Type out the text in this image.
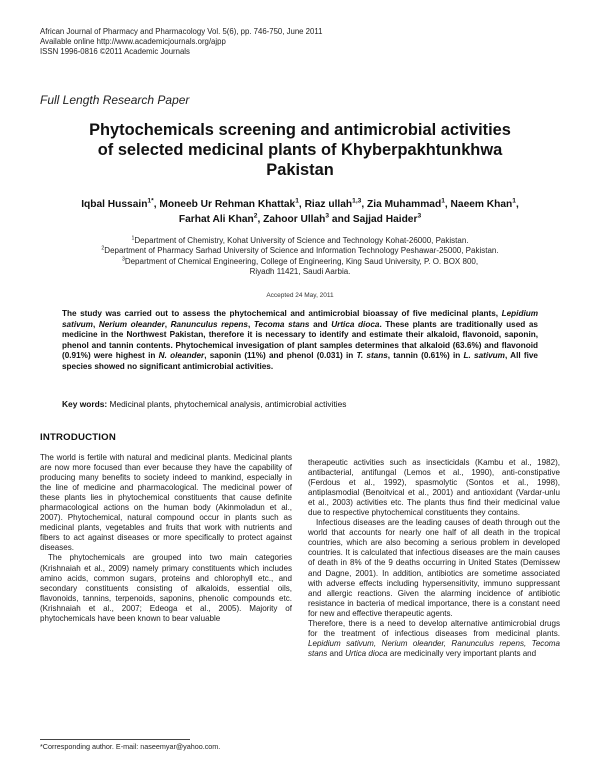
African Journal of Pharmacy and Pharmacology Vol. 5(6), pp. 746-750, June 2011
Available online http://www.academicjournals.org/ajpp
ISSN 1996-0816 ©2011 Academic Journals
Full Length Research Paper
Phytochemicals screening and antimicrobial activities
of selected medicinal plants of Khyberpakhtunkhwa
Pakistan
Iqbal Hussain$^{1*}$, Moneeb Ur Rehman Khattak$^1$, Riaz ullah$^{1,3}$, Zia Muhammad$^1$, Naeem Khan$^1$,
Farhat Ali Khan$^2$, Zahoor Ullah$^3$ and Sajjad Haider$^3$
$^1$Department of Chemistry, Kohat University of Science and Technology Kohat-26000, Pakistan.
$^2$Department of Pharmacy Sarhad University of Science and Information Technology Peshawar-25000, Pakistan.
$^3$Department of Chemical Engineering, College of Engineering, King Saud University, P. O. BOX 800,
Riyadh 11421, Saudi Aarbia.
Accepted 24 May, 2011
The study was carried out to assess the phytochemical and antimicrobial bioassay of five medicinal plants, Lepidium sativum, Nerium oleander, Ranunculus repens, Tecoma stans and Urtica dioca. These plants are traditionally used as medicine in the Northwest Pakistan, therefore it is necessary to identify and estimate their alkaloid, flavonoid, saponin, phenol and tannin contents. Phytochemical invesigation of plant samples determines that alkaloid (63.6%) and flavonoid (0.91%) were highest in N. oleander, saponin (11%) and phenol (0.031) in T. stans, tannin (0.61%) in L. sativum, All five species showed no significant antimicrobial activities.
Key words: Medicinal plants, phytochemical analysis, antimicrobial activities
INTRODUCTION

The world is fertile with natural and medicinal plants. Medicinal plants are now more focused than ever because they have the capability of producing many benefits to society indeed to mankind, especially in the line of medicine and pharmacological. The medicinal power of these plants lies in phytochemical constituents that cause definite pharmacological actions on the human body (Akinmoladun et al., 2007). Phytochemical, natural compound occur in plants such as medicinal plants, vegetables and fruits that work with nutrients and fibers to act against diseases or more specifically to protect against diseases.

The phytochemicals are grouped into two main categories (Krishnaiah et al., 2009) namely primary constituents which includes amino acids, common sugars, proteins and chlorophyll etc., and secondary constituents consisting of alkaloids, essential oils, flavonoids, tannins, terpenoids, saponins, phenolic compounds etc. (Krishnaiah et al., 2007; Edeoga et al., 2005). Majority of phytochemicals have been known to bear valuable

therapeutic activities such as insecticidals (Kambu et al., 1982), antibacterial, antifungal (Lemos et al., 1990), anti-constipative (Ferdous et al., 1992), spasmolytic (Sontos et al., 1998), antiplasmodial (Benoitvical et al., 2001) and antioxidant (Vardar-unlu et al., 2003) activities etc. The plants thus find their medicinal value due to respective phytochemical constituents they contains.

Infectious diseases are the leading causes of death through out the world that accounts for nearly one half of all death in the tropical countries, which are also becoming a serious problem in developed countries. It is calculated that infectious diseases are the main causes of death in 8% of the 9 deaths occurring in United States (Demissew and Dagne, 2001). In addition, antibiotics are sometime associated with adverse effects including hypersensitivity, immuno suppressant and allergic reactions. Given the alarming incidence of antibiotic resistance in bacteria of medical importance, there is a constant need for new and effective therapeutic agents.

Therefore, there is a need to develop alternative antimicrobial drugs for the treatment of infectious diseases from medicinal plants. Lepidium sativum, Nerium oleander, Ranunculus repens, Tecoma stans and Urtica dioca are medicinally very important plants and

*Corresponding author. E-mail: naseemyar@yahoo.com.
